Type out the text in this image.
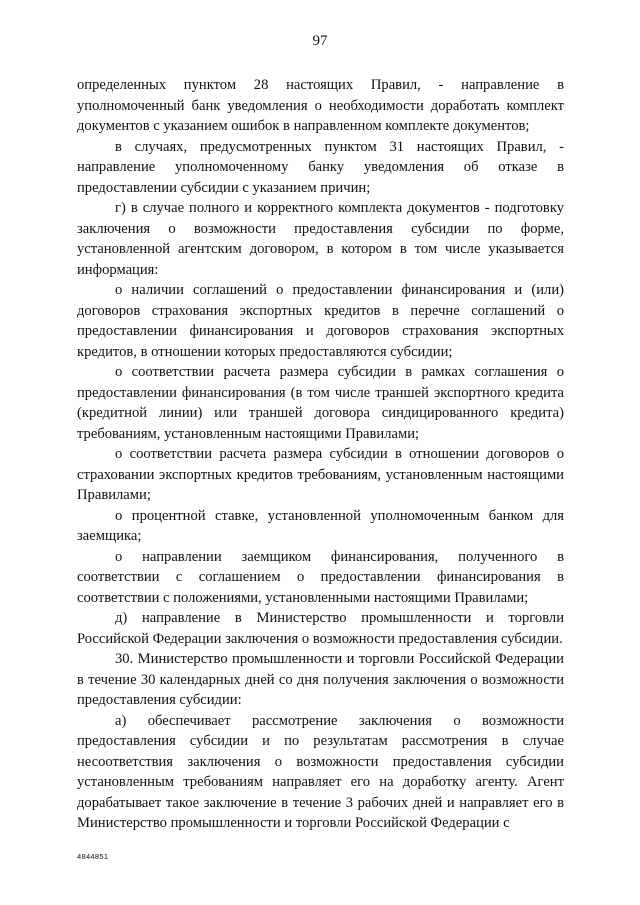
97

определенных пунктом 28 настоящих Правил, - направление в уполномоченный банк уведомления о необходимости доработать комплект документов с указанием ошибок в направленном комплекте документов;

в случаях, предусмотренных пунктом 31 настоящих Правил, - направление уполномоченному банку уведомления об отказе в предоставлении субсидии с указанием причин;

г) в случае полного и корректного комплекта документов - подготовку заключения о возможности предоставления субсидии по форме, установленной агентским договором, в котором в том числе указывается информация:

о наличии соглашений о предоставлении финансирования и (или) договоров страхования экспортных кредитов в перечне соглашений о предоставлении финансирования и договоров страхования экспортных кредитов, в отношении которых предоставляются субсидии;

о соответствии расчета размера субсидии в рамках соглашения о предоставлении финансирования (в том числе траншей экспортного кредита (кредитной линии) или траншей договора синдицированного кредита) требованиям, установленным настоящими Правилами;

о соответствии расчета размера субсидии в отношении договоров о страховании экспортных кредитов требованиям, установленным настоящими Правилами;

о процентной ставке, установленной уполномоченным банком для заемщика;

о направлении заемщиком финансирования, полученного в соответствии с соглашением о предоставлении финансирования в соответствии с положениями, установленными настоящими Правилами;

д) направление в Министерство промышленности и торговли Российской Федерации заключения о возможности предоставления субсидии.

30. Министерство промышленности и торговли Российской Федерации в течение 30 календарных дней со дня получения заключения о возможности предоставления субсидии:

а) обеспечивает рассмотрение заключения о возможности предоставления субсидии и по результатам рассмотрения в случае несоответствия заключения о возможности предоставления субсидии установленным требованиям направляет его на доработку агенту. Агент дорабатывает такое заключение в течение 3 рабочих дней и направляет его в Министерство промышленности и торговли Российской Федерации с

4844851
